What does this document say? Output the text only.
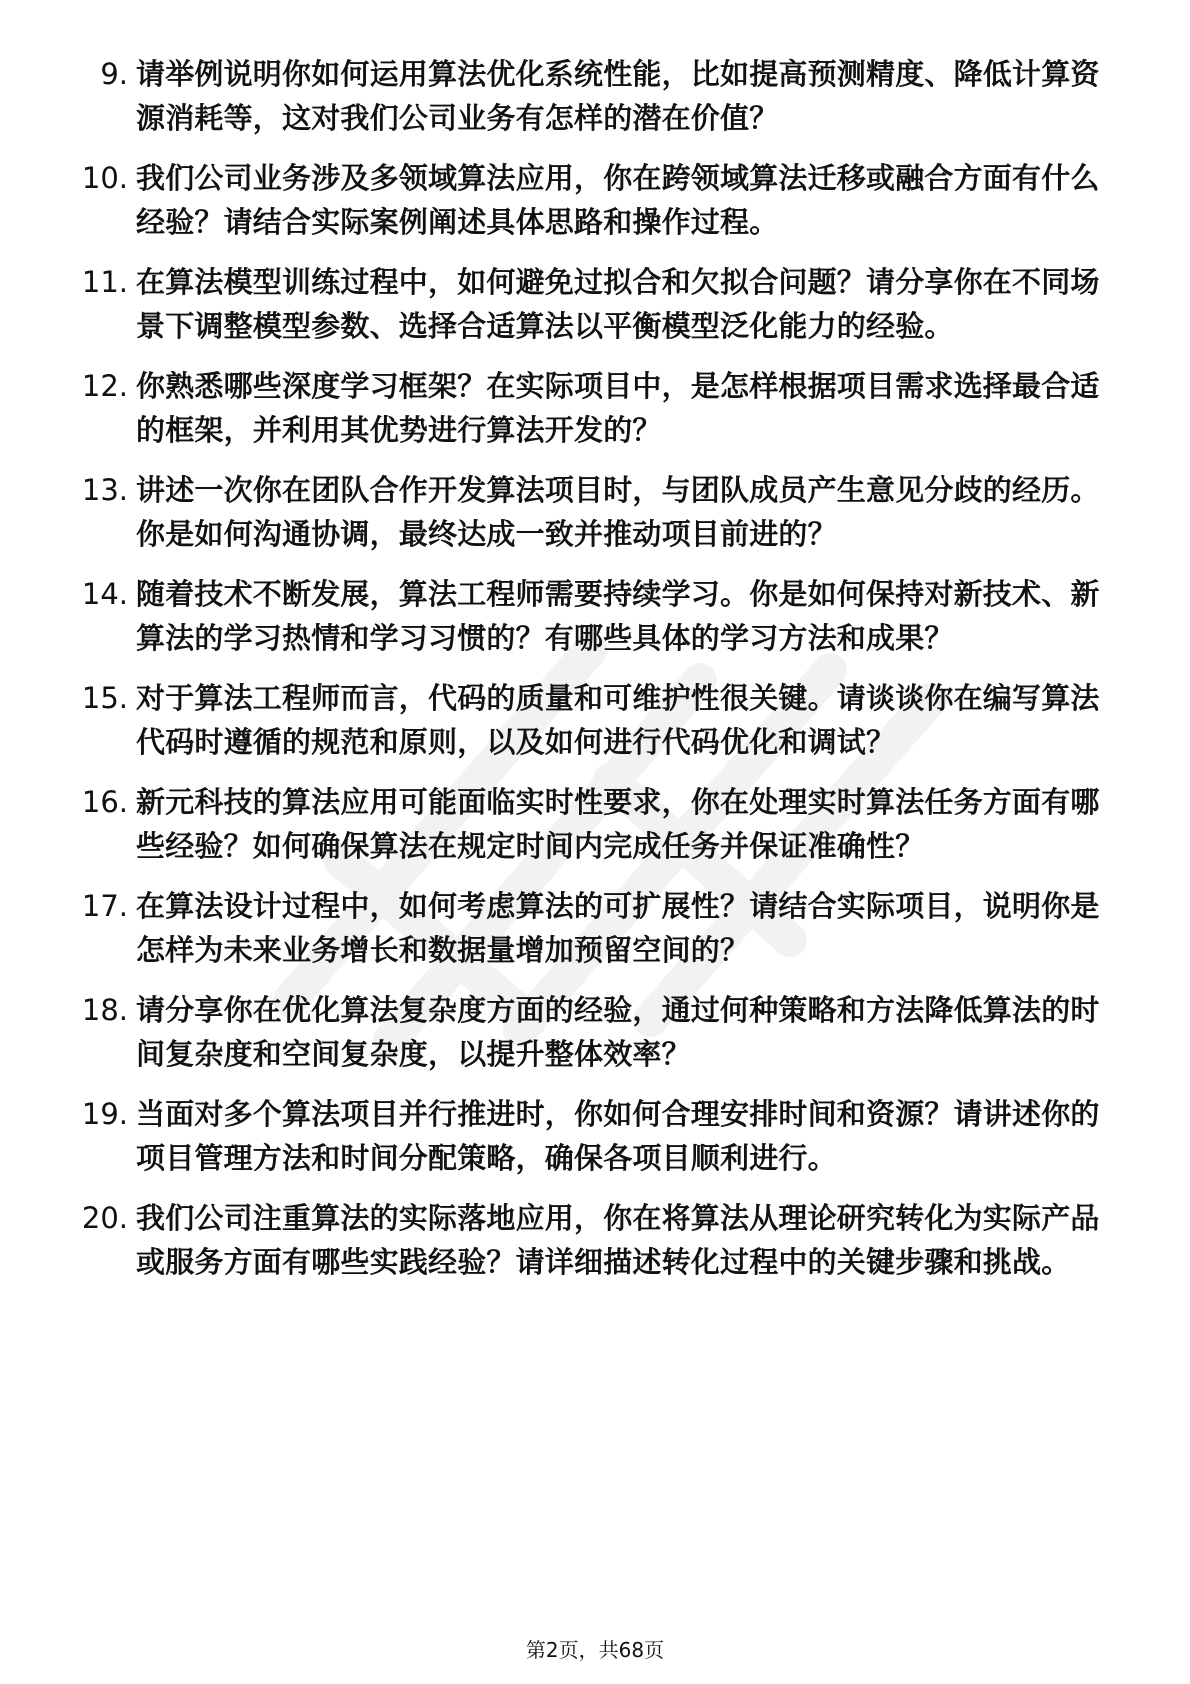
9. 请举例说明你如何运用算法优化系统性能，比如提高预测精度、降低计算资源消耗等，这对我们公司业务有怎样的潜在价值？
10. 我们公司业务涉及多领域算法应用，你在跨领域算法迁移或融合方面有什么经验？请结合实际案例阐述具体思路和操作过程。
11. 在算法模型训练过程中，如何避免过拟合和欠拟合问题？请分享你在不同场景下调整模型参数、选择合适算法以平衡模型泛化能力的经验。
12. 你熟悉哪些深度学习框架？在实际项目中，是怎样根据项目需求选择最合适的框架，并利用其优势进行算法开发的？
13. 讲述一次你在团队合作开发算法项目时，与团队成员产生意见分歧的经历。你是如何沟通协调，最终达成一致并推动项目前进的？
14. 随着技术不断发展，算法工程师需要持续学习。你是如何保持对新技术、新算法的学习热情和学习习惯的？有哪些具体的学习方法和成果？
15. 对于算法工程师而言，代码的质量和可维护性很关键。请谈谈你在编写算法代码时遵循的规范和原则，以及如何进行代码优化和调试？
16. 新元科技的算法应用可能面临实时性要求，你在处理实时算法任务方面有哪些经验？如何确保算法在规定时间内完成任务并保证准确性？
17. 在算法设计过程中，如何考虑算法的可扩展性？请结合实际项目，说明你是怎样为未来业务增长和数据量增加预留空间的？
18. 请分享你在优化算法复杂度方面的经验，通过何种策略和方法降低算法的时间复杂度和空间复杂度，以提升整体效率？
19. 当面对多个算法项目并行推进时，你如何合理安排时间和资源？请讲述你的项目管理方法和时间分配策略，确保各项目顺利进行。
20. 我们公司注重算法的实际落地应用，你在将算法从理论研究转化为实际产品或服务方面有哪些实践经验？请详细描述转化过程中的关键步骤和挑战。
第2页，共68页
